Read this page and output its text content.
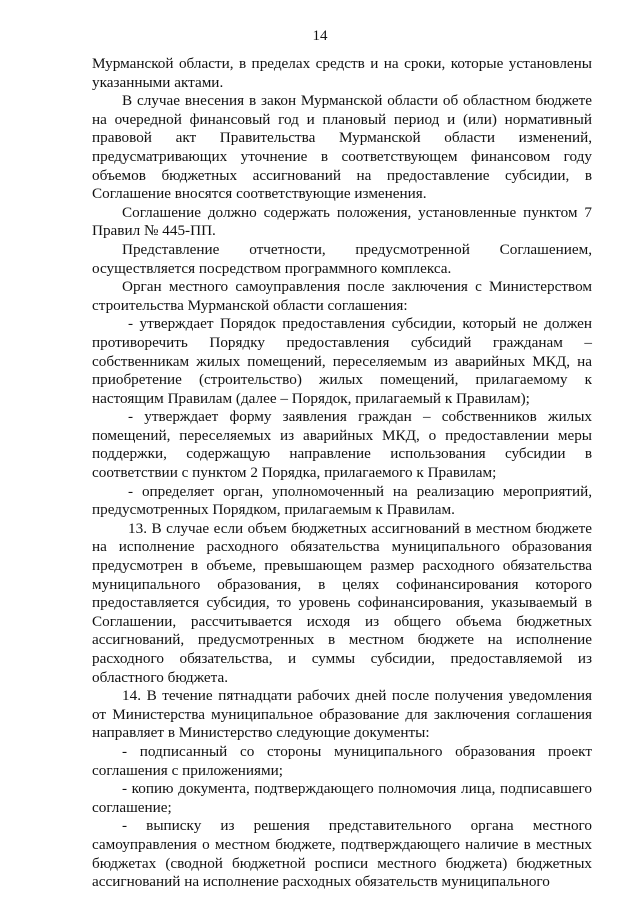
14

Мурманской области, в пределах средств и на сроки, которые установлены указанными актами.

В случае внесения в закон Мурманской области об областном бюджете на очередной финансовый год и плановый период и (или) нормативный правовой акт Правительства Мурманской области изменений, предусматривающих уточнение в соответствующем финансовом году объемов бюджетных ассигнований на предоставление субсидии, в Соглашение вносятся соответствующие изменения.

Соглашение должно содержать положения, установленные пунктом 7 Правил № 445-ПП.

Представление отчетности, предусмотренной Соглашением, осуществляется посредством программного комплекса.

Орган местного самоуправления после заключения с Министерством строительства Мурманской области соглашения:

- утверждает Порядок предоставления субсидии, который не должен противоречить Порядку предоставления субсидий гражданам – собственникам жилых помещений, переселяемым из аварийных МКД, на приобретение (строительство) жилых помещений, прилагаемому к настоящим Правилам (далее – Порядок, прилагаемый к Правилам);

- утверждает форму заявления граждан – собственников жилых помещений, переселяемых из аварийных МКД, о предоставлении меры поддержки, содержащую направление использования субсидии в соответствии с пунктом 2 Порядка, прилагаемого к Правилам;

- определяет орган, уполномоченный на реализацию мероприятий, предусмотренных Порядком, прилагаемым к Правилам.

13. В случае если объем бюджетных ассигнований в местном бюджете на исполнение расходного обязательства муниципального образования предусмотрен в объеме, превышающем размер расходного обязательства муниципального образования, в целях софинансирования которого предоставляется субсидия, то уровень софинансирования, указываемый в Соглашении, рассчитывается исходя из общего объема бюджетных ассигнований, предусмотренных в местном бюджете на исполнение расходного обязательства, и суммы субсидии, предоставляемой из областного бюджета.

14. В течение пятнадцати рабочих дней после получения уведомления от Министерства муниципальное образование для заключения соглашения направляет в Министерство следующие документы:

- подписанный со стороны муниципального образования проект соглашения с приложениями;

- копию документа, подтверждающего полномочия лица, подписавшего соглашение;

- выписку из решения представительного органа местного самоуправления о местном бюджете, подтверждающего наличие в местных бюджетах (сводной бюджетной росписи местного бюджета) бюджетных ассигнований на исполнение расходных обязательств муниципального
